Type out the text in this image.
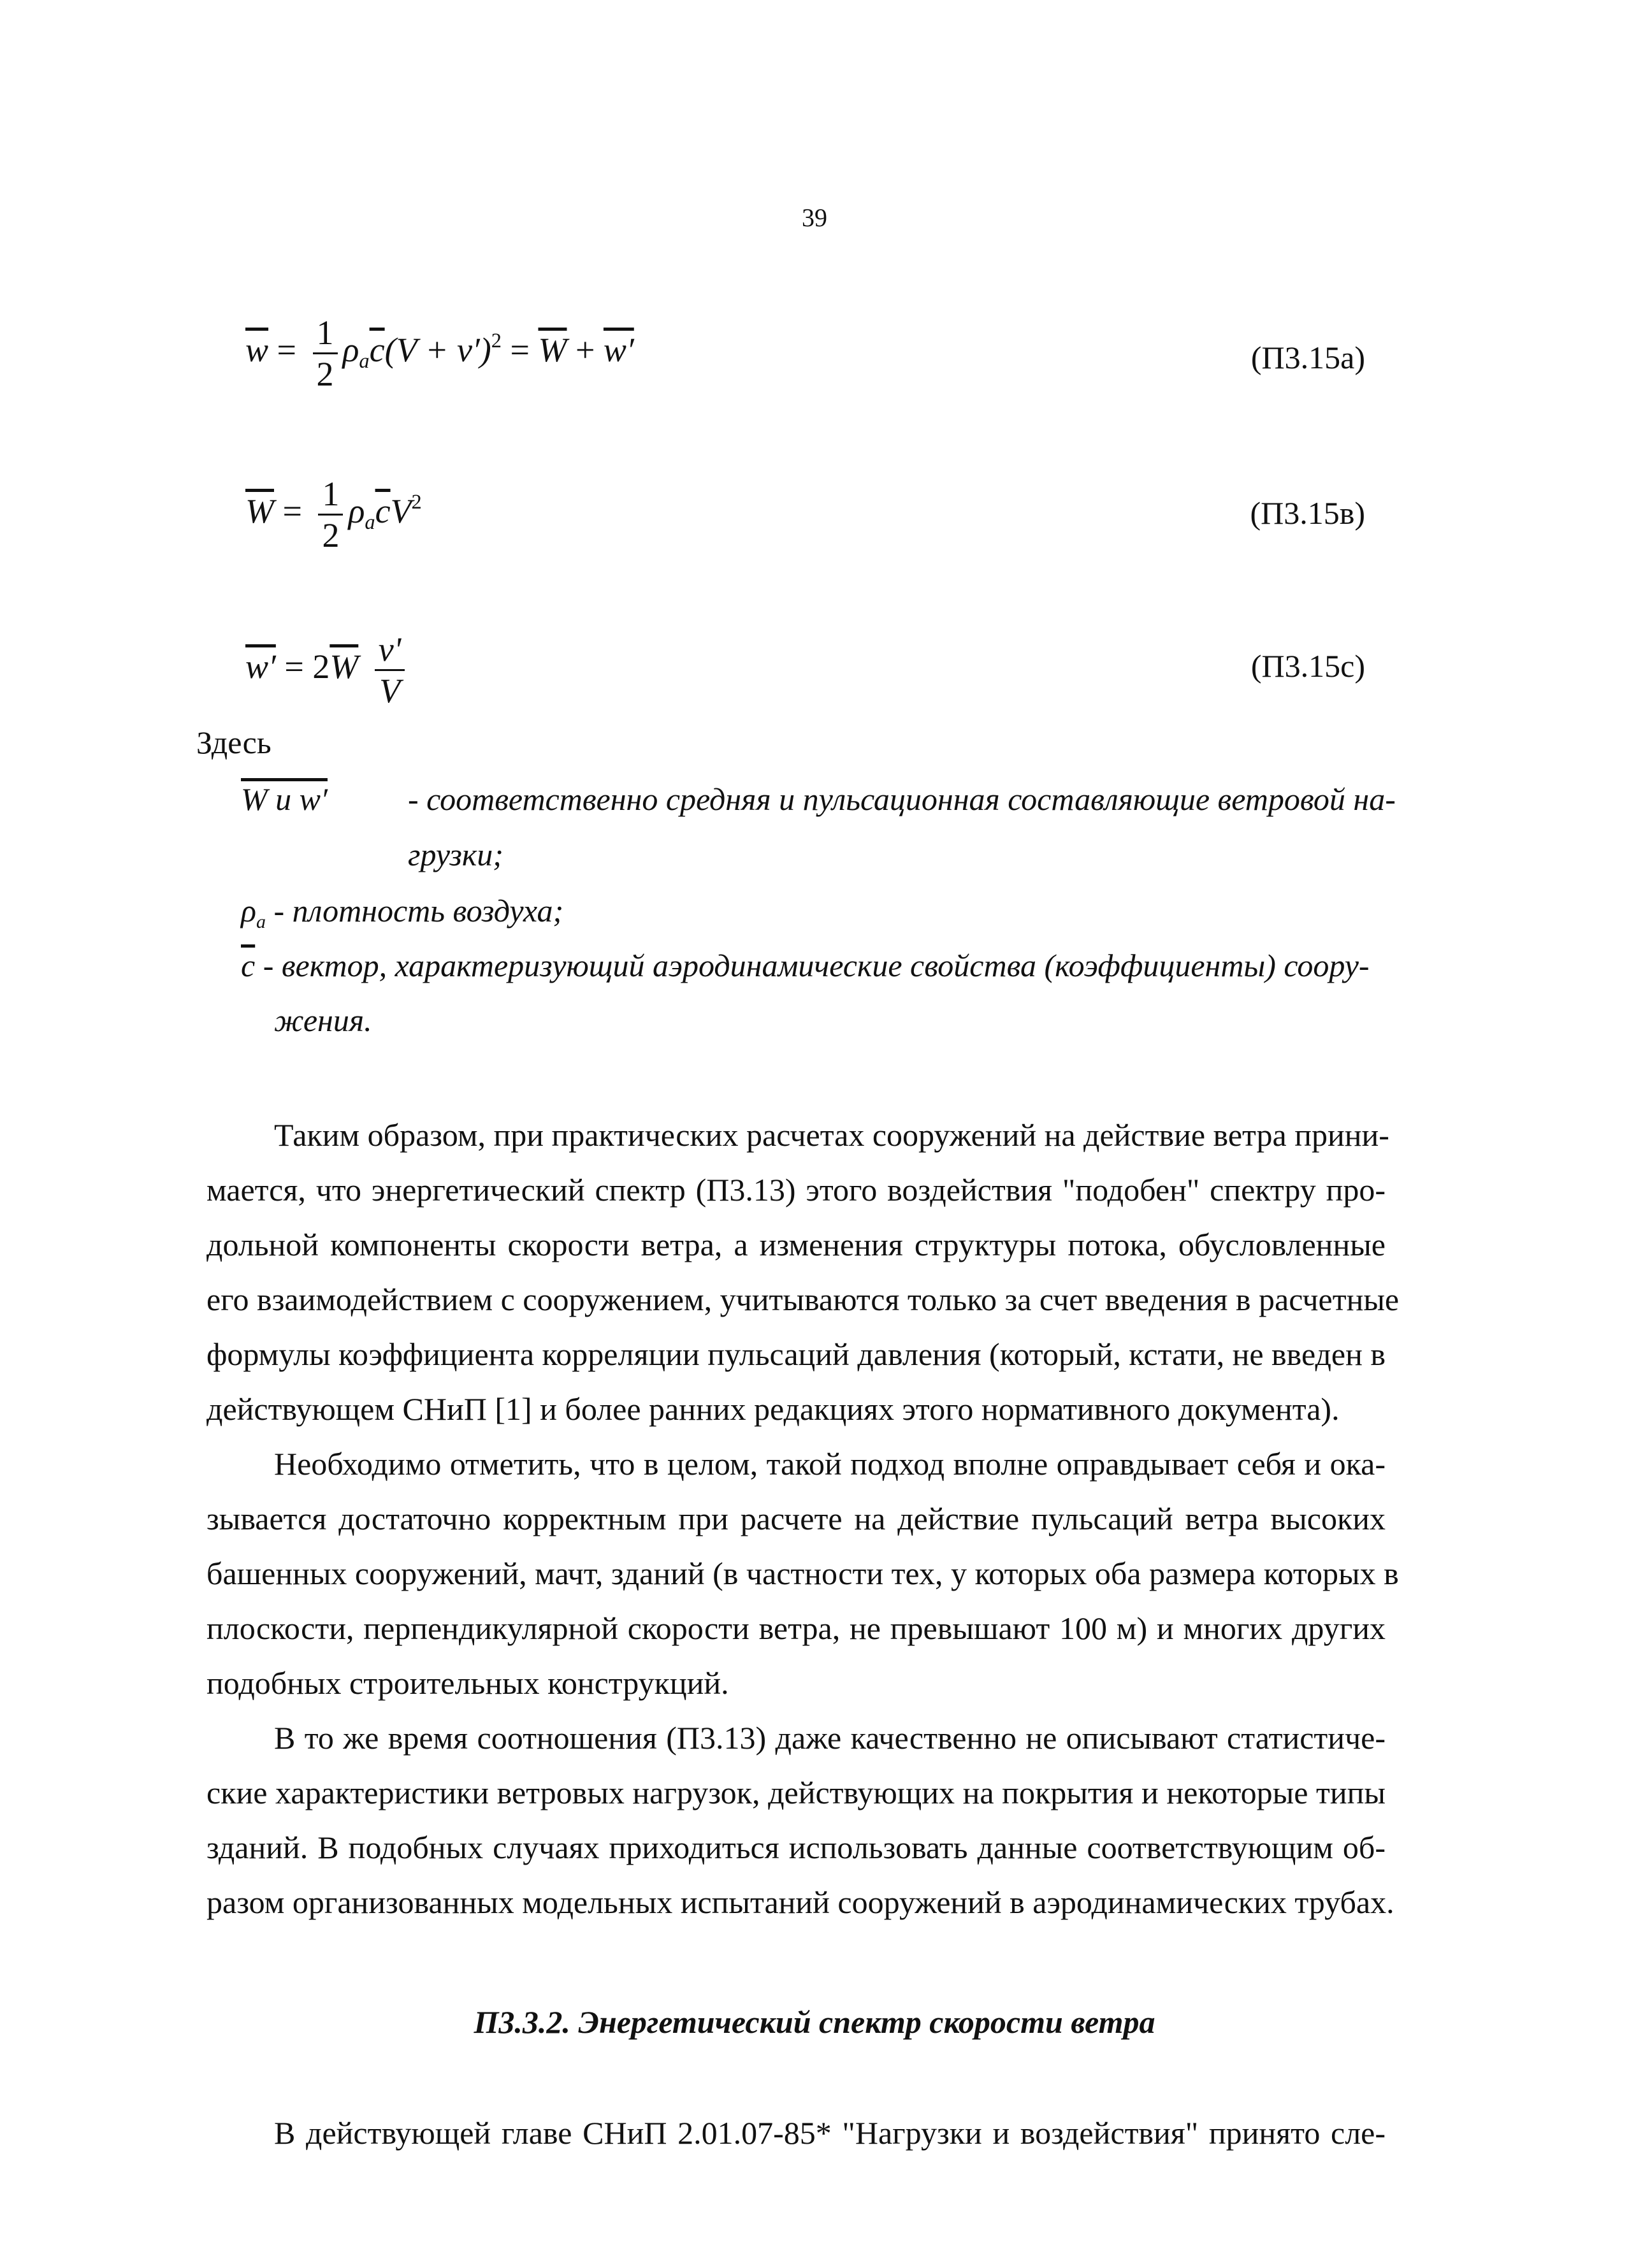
39
$\overline{w} = \frac{1}{2} \rho_a\overline{c}(V + v')^2 = \overline{W} + w'$	(П3.15a)
$\overline{W} = \frac{1}{2} \rho_a\overline{c}V^2$	(П3.15в)
$w' = 2\overline{W} \frac{v'}{V}$	(П3.15с)
Здесь
W и w′	- соответственно средняя и пульсационная составляющие ветровой на-
грузки;
$\rho_a$ - плотность воздуха;
$\overline{c}$ - вектор, характеризующий аэродинамические свойства (коэффициенты) соору-
жения.
Таким образом, при практических расчетах сооружений на действие ветра прини-
мается, что энергетический спектр (П3.13) этого воздействия "подобен" спектру про-
дольной компоненты скорости ветра, а изменения структуры потока, обусловленные
его взаимодействием с сооружением, учитываются только за счет введения в расчетные
формулы коэффициента корреляции пульсаций давления (который, кстати, не введен в
действующем СНиП [1] и более ранних редакциях этого нормативного документа).
Необходимо отметить, что в целом, такой подход вполне оправдывает себя и ока-
зывается достаточно корректным при расчете на действие пульсаций ветра высоких
башенных сооружений, мачт, зданий (в частности тех, у которых оба размера которых в
плоскости, перпендикулярной скорости ветра, не превышают 100 м) и многих других
подобных строительных конструкций.
В то же время соотношения (П3.13) даже качественно не описывают статистиче-
ские характеристики ветровых нагрузок, действующих на покрытия и некоторые типы
зданий. В подобных случаях приходиться использовать данные соответствующим об-
разом организованных модельных испытаний сооружений в аэродинамических трубах.
П3.3.2. Энергетический спектр скорости ветра
В действующей главе СНиП 2.01.07-85* "Нагрузки и воздействия" принято сле-
